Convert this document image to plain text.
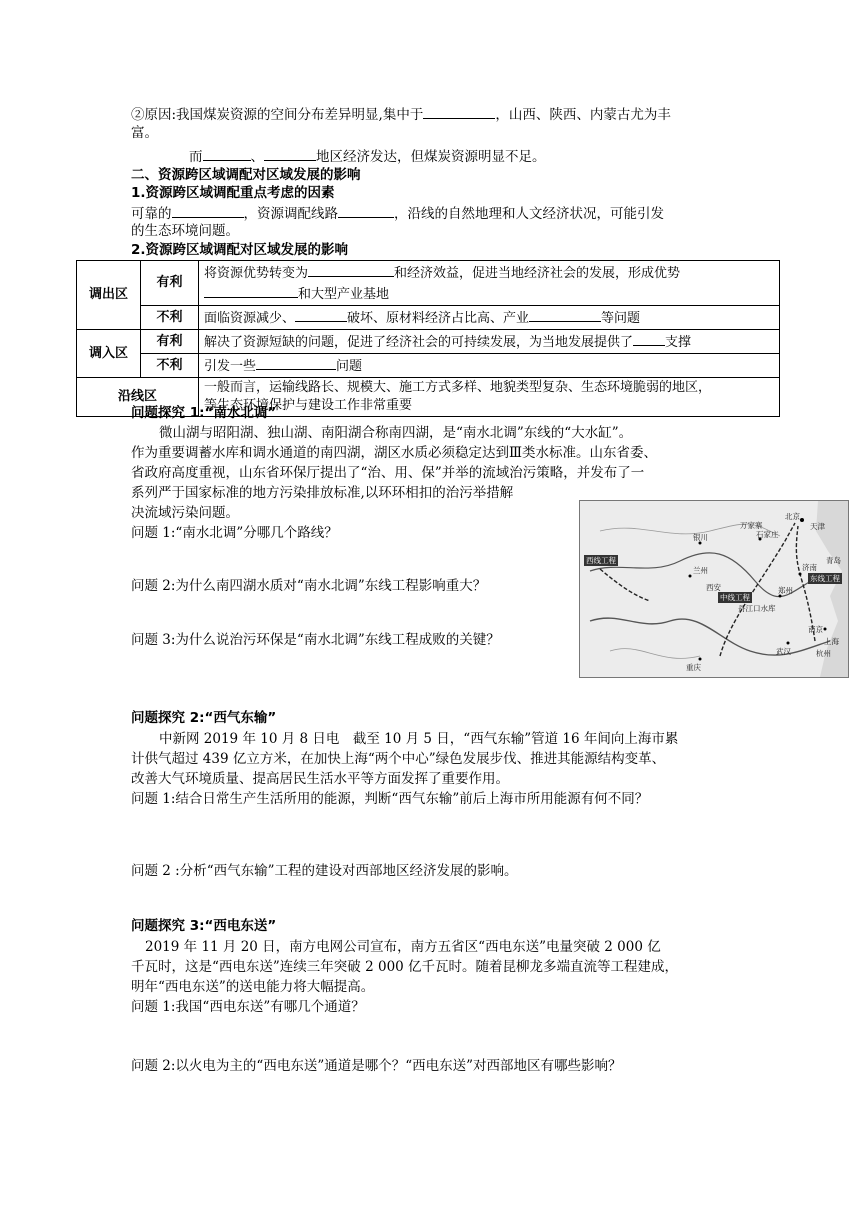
②原因:我国煤炭资源的空间分布差异明显,集中于	，山西、陕西、内蒙古尤为丰
富。
而	、	地区经济发达，但煤炭资源明显不足。
二、资源跨区域调配对区域发展的影响
1.资源跨区域调配重点考虑的因素
可靠的	，资源调配线路	，沿线的自然地理和人文经济状况，可能引发
的生态环境问题。
2.资源跨区域调配对区域发展的影响
调出区	有利	将资源优势转变为 和经济效益，促进当地经济社会的发展，形成优势
和大型产业基地
	不利	面临资源减少、 破坏、原材料经济占比高、产业 等问题
调入区	有利	解决了资源短缺的问题，促进了经济社会的可持续发展，为当地发展提供了 支撑
	不利	引发一些 问题
沿线区		一般而言，运输线路长、规模大、施工方式多样、地貌类型复杂、生态环境脆弱的地区，
等生态环境保护与建设工作非常重要
问题探究 1:“南水北调”
微山湖与昭阳湖、独山湖、南阳湖合称南四湖，是“南水北调”东线的“大水缸”。
作为重要调蓄水库和调水通道的南四湖，湖区水质必须稳定达到Ⅲ类水标准。山东省委、
省政府高度重视，山东省环保厅提出了“治、用、保”并举的流域治污策略，并发布了一
系列严于国家标准的地方污染排放标准,以环环相扣的治污举措解
决流域污染问题。
问题 1:“南水北调”分哪几个路线？
问题 2:为什么南四湖水质对“南水北调”东线工程影响重大？
问题 3:为什么说治污环保是“南水北调”东线工程成败的关键？
西线工程
中线工程
东线工程
北京
天津
石家庄
银川
兰州	济南
青岛
郑州
西安
南京
上海
杭州
武汉
重庆
万家寨
丹江口水库
问题探究 2:“西气东输”
中新网 2019 年 10 月 8 日电　截至 10 月 5 日，“西气东输”管道 16 年间向上海市累
计供气超过 439 亿立方米，在加快上海“两个中心”绿色发展步伐、推进其能源结构变革、
改善大气环境质量、提高居民生活水平等方面发挥了重要作用。
问题 1:结合日常生产生活所用的能源，判断“西气东输”前后上海市所用能源有何不同？
问题 2 :分析“西气东输”工程的建设对西部地区经济发展的影响。
问题探究 3:“西电东送”
2019 年 11 月 20 日，南方电网公司宣布，南方五省区“西电东送”电量突破 2 000 亿
千瓦时，这是“西电东送”连续三年突破 2 000 亿千瓦时。随着昆柳龙多端直流等工程建成，
明年“西电东送”的送电能力将大幅提高。
问题 1:我国“西电东送”有哪几个通道？
问题 2:以火电为主的“西电东送”通道是哪个？“西电东送”对西部地区有哪些影响？
